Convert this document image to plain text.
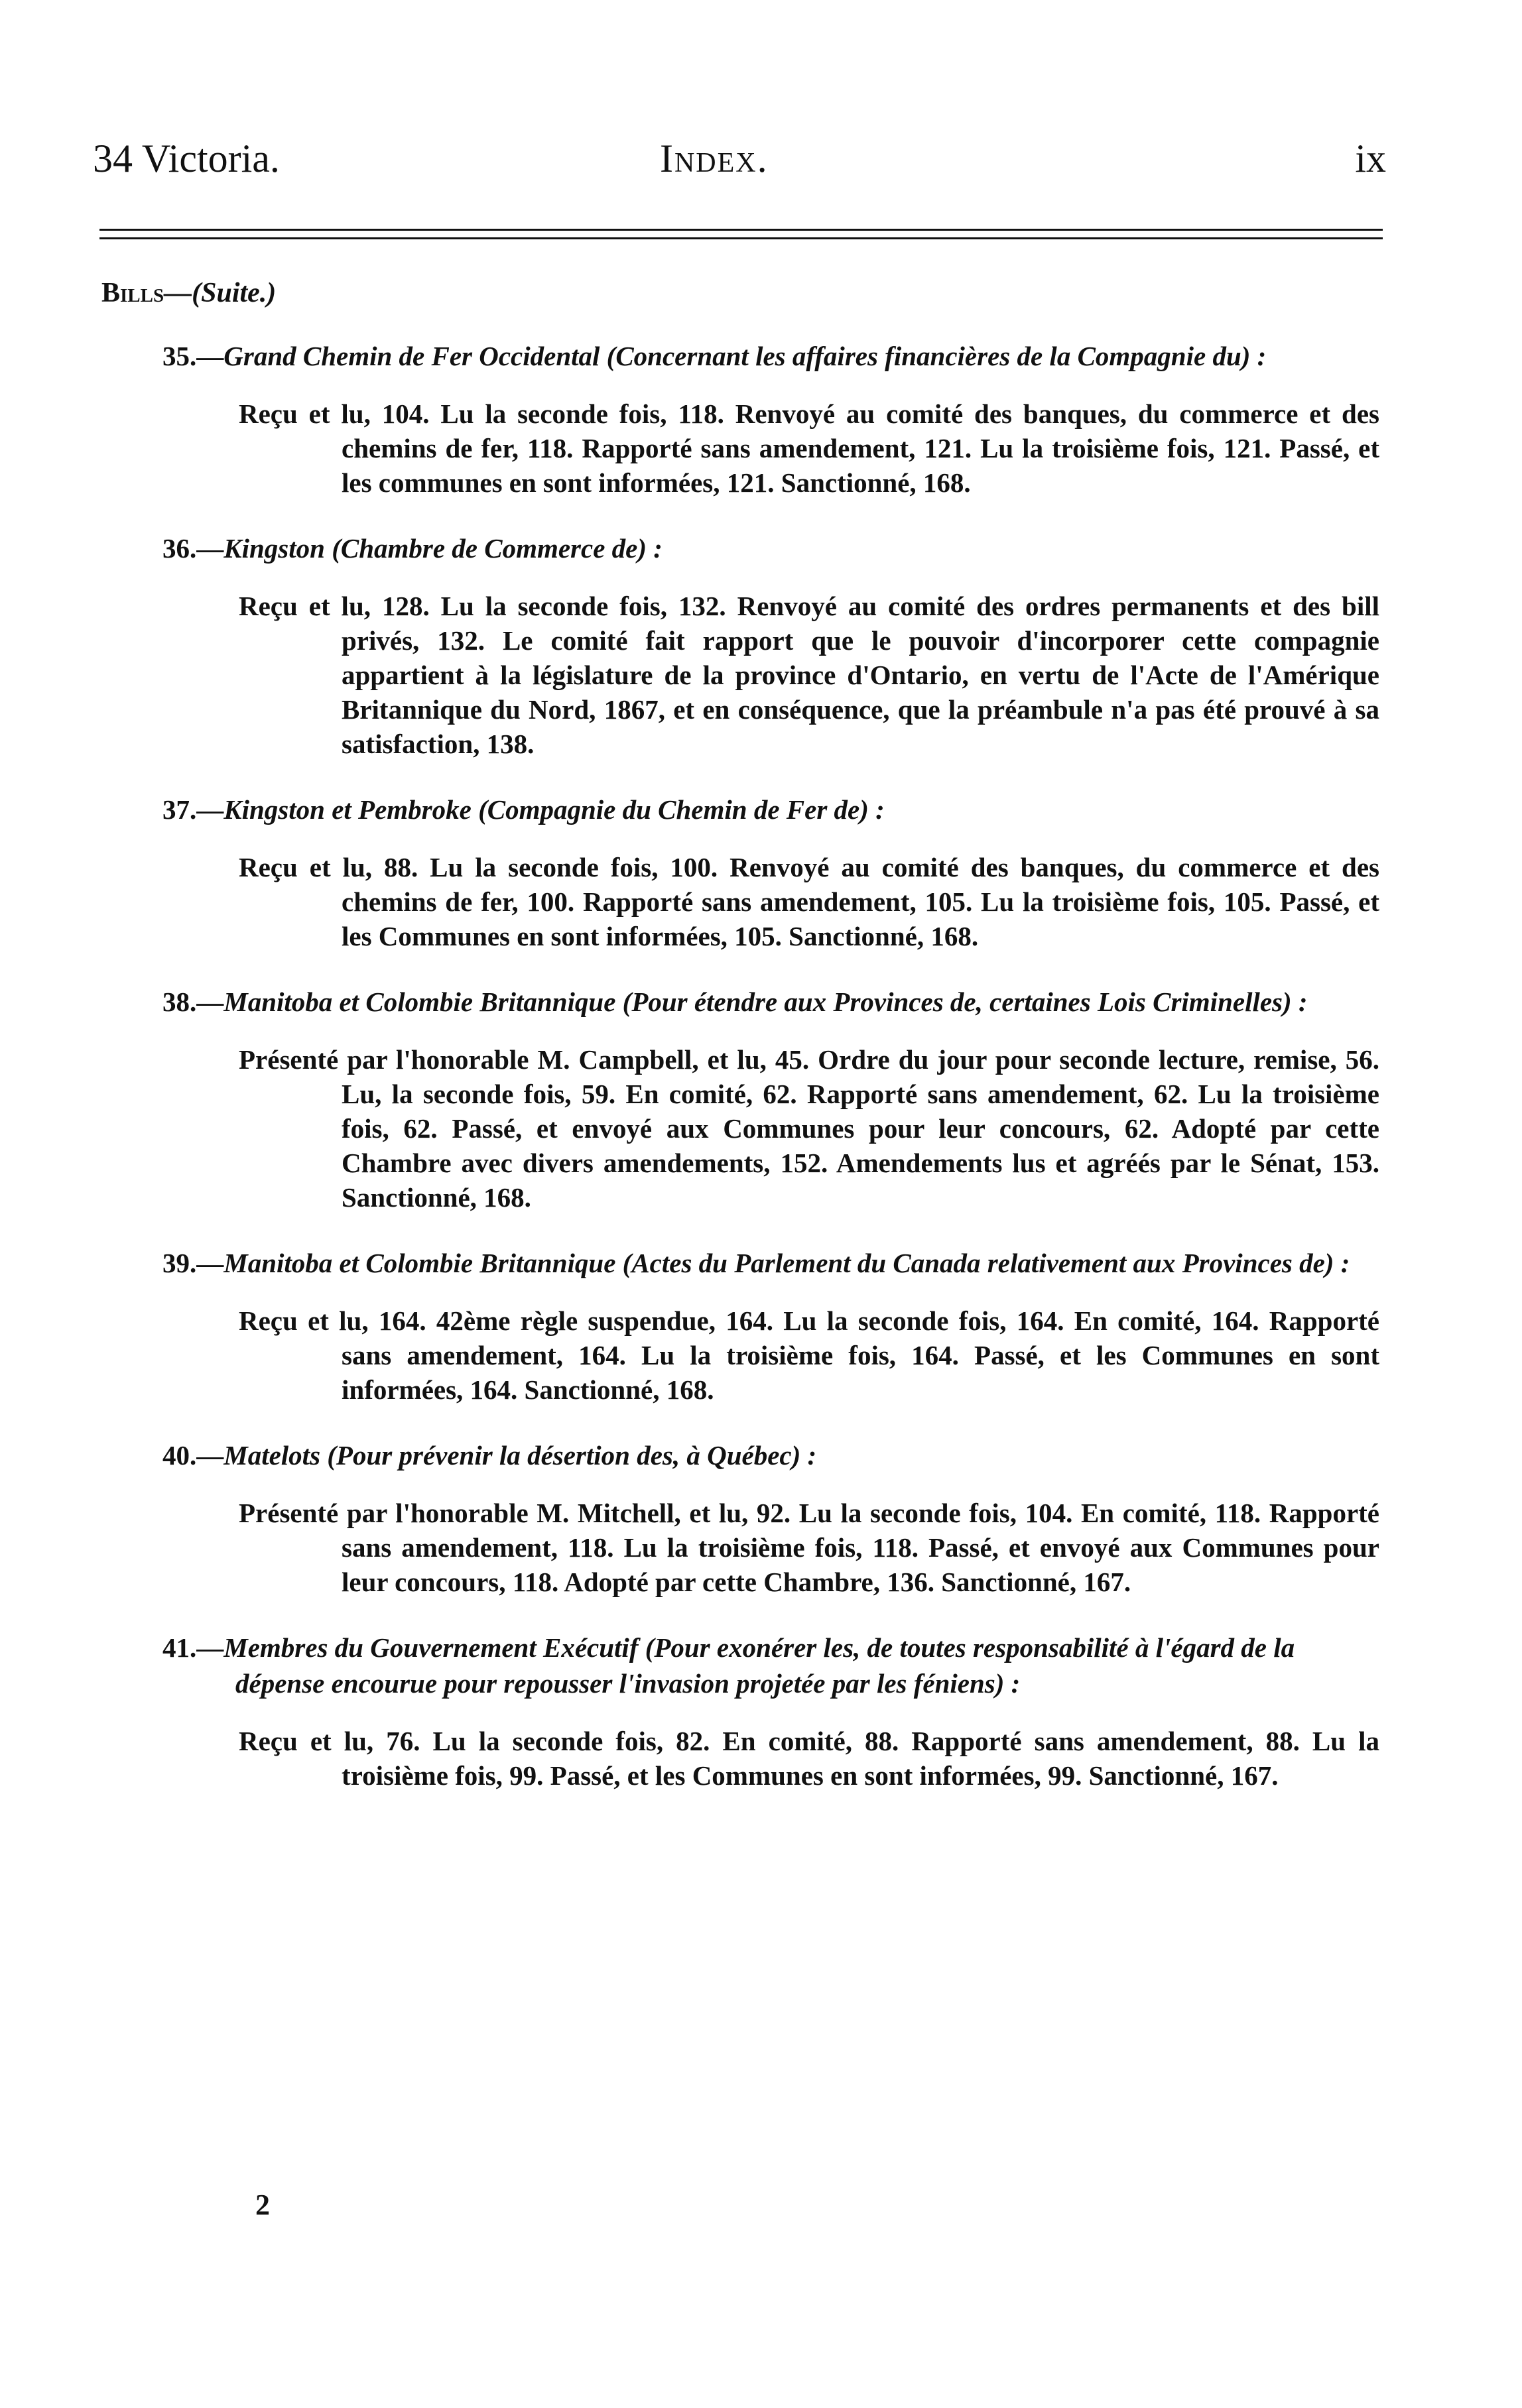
34 Victoria.	Index.	ix
Bills—(Suite.)
35.—Grand Chemin de Fer Occidental (Concernant les affaires financières de la Compagnie du) :
Reçu et lu, 104. Lu la seconde fois, 118. Renvoyé au comité des banques, du commerce et des chemins de fer, 118. Rapporté sans amendement, 121. Lu la troisième fois, 121. Passé, et les communes en sont informées, 121. Sanctionné, 168.
36.—Kingston (Chambre de Commerce de) :
Reçu et lu, 128. Lu la seconde fois, 132. Renvoyé au comité des ordres permanents et des bill privés, 132. Le comité fait rapport que le pouvoir d'incorporer cette compagnie appartient à la législature de la province d'Ontario, en vertu de l'Acte de l'Amérique Britannique du Nord, 1867, et en conséquence, que la préambule n'a pas été prouvé à sa satisfaction, 138.
37.—Kingston et Pembroke (Compagnie du Chemin de Fer de) :
Reçu et lu, 88. Lu la seconde fois, 100. Renvoyé au comité des banques, du commerce et des chemins de fer, 100. Rapporté sans amendement, 105. Lu la troisième fois, 105. Passé, et les Communes en sont informées, 105. Sanctionné, 168.
38.—Manitoba et Colombie Britannique (Pour étendre aux Provinces de, certaines Lois Criminelles) :
Présenté par l'honorable M. Campbell, et lu, 45. Ordre du jour pour seconde lecture, remise, 56. Lu, la seconde fois, 59. En comité, 62. Rapporté sans amendement, 62. Lu la troisième fois, 62. Passé, et envoyé aux Communes pour leur concours, 62. Adopté par cette Chambre avec divers amendements, 152. Amendements lus et agréés par le Sénat, 153. Sanctionné, 168.
39.—Manitoba et Colombie Britannique (Actes du Parlement du Canada relativement aux Provinces de) :
Reçu et lu, 164. 42ème règle suspendue, 164. Lu la seconde fois, 164. En comité, 164. Rapporté sans amendement, 164. Lu la troisième fois, 164. Passé, et les Communes en sont informées, 164. Sanctionné, 168.
40.—Matelots (Pour prévenir la désertion des, à Québec) :
Présenté par l'honorable M. Mitchell, et lu, 92. Lu la seconde fois, 104. En comité, 118. Rapporté sans amendement, 118. Lu la troisième fois, 118. Passé, et envoyé aux Communes pour leur concours, 118. Adopté par cette Chambre, 136. Sanctionné, 167.
41.—Membres du Gouvernement Exécutif (Pour exonérer les, de toutes responsabilité à l'égard de la dépense encourue pour repousser l'invasion projetée par les féniens) :
Reçu et lu, 76. Lu la seconde fois, 82. En comité, 88. Rapporté sans amendement, 88. Lu la troisième fois, 99. Passé, et les Communes en sont informées, 99. Sanctionné, 167.
2
